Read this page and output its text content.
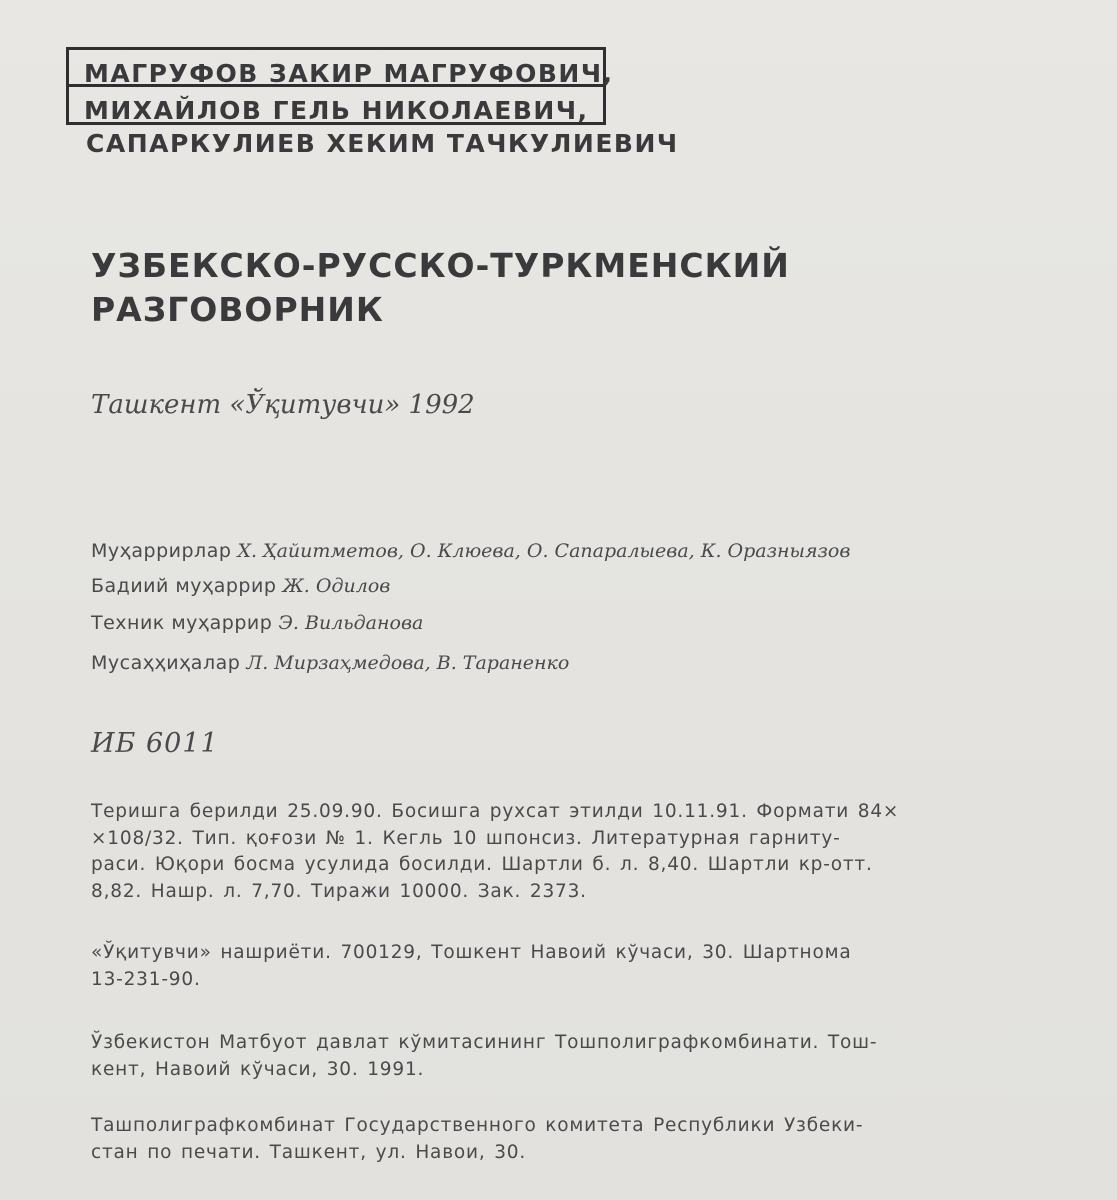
МАГРУФОВ ЗАКИР МАГРУФОВИЧ,
МИХАЙЛОВ ГЕЛЬ НИКОЛАЕВИЧ,
САПАРКУЛИЕВ ХЕКИМ ТАЧКУЛИЕВИЧ
УЗБЕКСКО-РУССКО-ТУРКМЕНСКИЙ
РАЗГОВОРНИК
Ташкент «Ўқитувчи» 1992
Муҳаррирлар Х. Ҳайитметов, О. Клюева, О. Сапаралыева, К. Оразныязов
Бадиий муҳаррир Ж. Одилов
Техник муҳаррир Э. Вильданова
Мусаҳҳиҳалар Л. Мирзаҳмедова, В. Тараненко
ИБ 6011
Теришга берилди 25.09.90. Босишга рухсат этилди 10.11.91. Формати 84×
×108/32. Тип. қоғози № 1. Кегль 10 шпонсиз. Литературная гарниту-
раси. Юқори босма усулида босилди. Шартли б. л. 8,40. Шартли кр-отт.
8,82. Нашр. л. 7,70. Тиражи 10000. Зак. 2373.
«Ўқитувчи» нашриёти. 700129, Тошкент Навоий кўчаси, 30. Шартнома
13-231-90.
Ўзбекистон Матбуот давлат кўмитасининг Тошполиграфкомбинати. Тош-
кент, Навоий кўчаси, 30. 1991.
Ташполиграфкомбинат Государственного комитета Республики Узбеки-
стан по печати. Ташкент, ул. Навои, 30.
